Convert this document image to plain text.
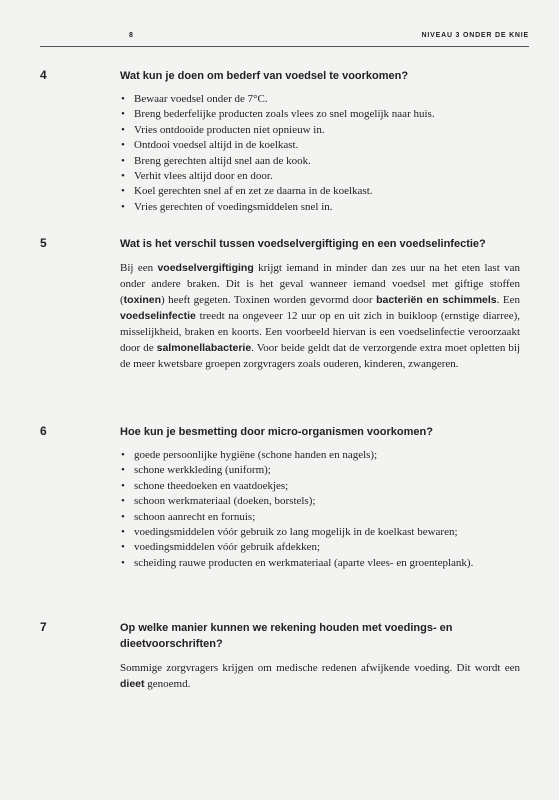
8	NIVEAU 3 ONDER DE KNIE
4	Wat kun je doen om bederf van voedsel te voorkomen?
• Bewaar voedsel onder de 7°C.
• Breng bederfelijke producten zoals vlees zo snel mogelijk naar huis.
• Vries ontdooide producten niet opnieuw in.
• Ontdooi voedsel altijd in de koelkast.
• Breng gerechten altijd snel aan de kook.
• Verhit vlees altijd door en door.
• Koel gerechten snel af en zet ze daarna in de koelkast.
• Vries gerechten of voedingsmiddelen snel in.
5	Wat is het verschil tussen voedselvergiftiging en een voedselinfectie?

Bij een voedselvergiftiging krijgt iemand in minder dan zes uur na het eten last van onder andere braken. Dit is het geval wanneer iemand voedsel met giftige stoffen (toxinen) heeft gegeten. Toxinen worden gevormd door bacteriën en schimmels. Een voedselinfectie treedt na ongeveer 12 uur op en uit zich in buikloop (ernstige diarree), misselijkheid, braken en koorts. Een voorbeeld hiervan is een voedselinfectie veroorzaakt door de salmonellabacterie. Voor beide geldt dat de verzorgende extra moet opletten bij de meer kwetsbare groepen zorgvragers zoals ouderen, kinderen, zwangeren.

6	Hoe kun je besmetting door micro-organismen voorkomen?
• goede persoonlijke hygiëne (schone handen en nagels);
• schone werkkleding (uniform);
• schone theedoeken en vaatdoekjes;
• schoon werkmateriaal (doeken, borstels);
• schoon aanrecht en fornuis;
• voedingsmiddelen vóór gebruik zo lang mogelijk in de koelkast bewaren;
• voedingsmiddelen vóór gebruik afdekken;
• scheiding rauwe producten en werkmateriaal (aparte vlees- en groenteplank).
7	Op welke manier kunnen we rekening houden met voedings- en dieetvoorschriften?

Sommige zorgvragers krijgen om medische redenen afwijkende voeding. Dit wordt een dieet genoemd.
